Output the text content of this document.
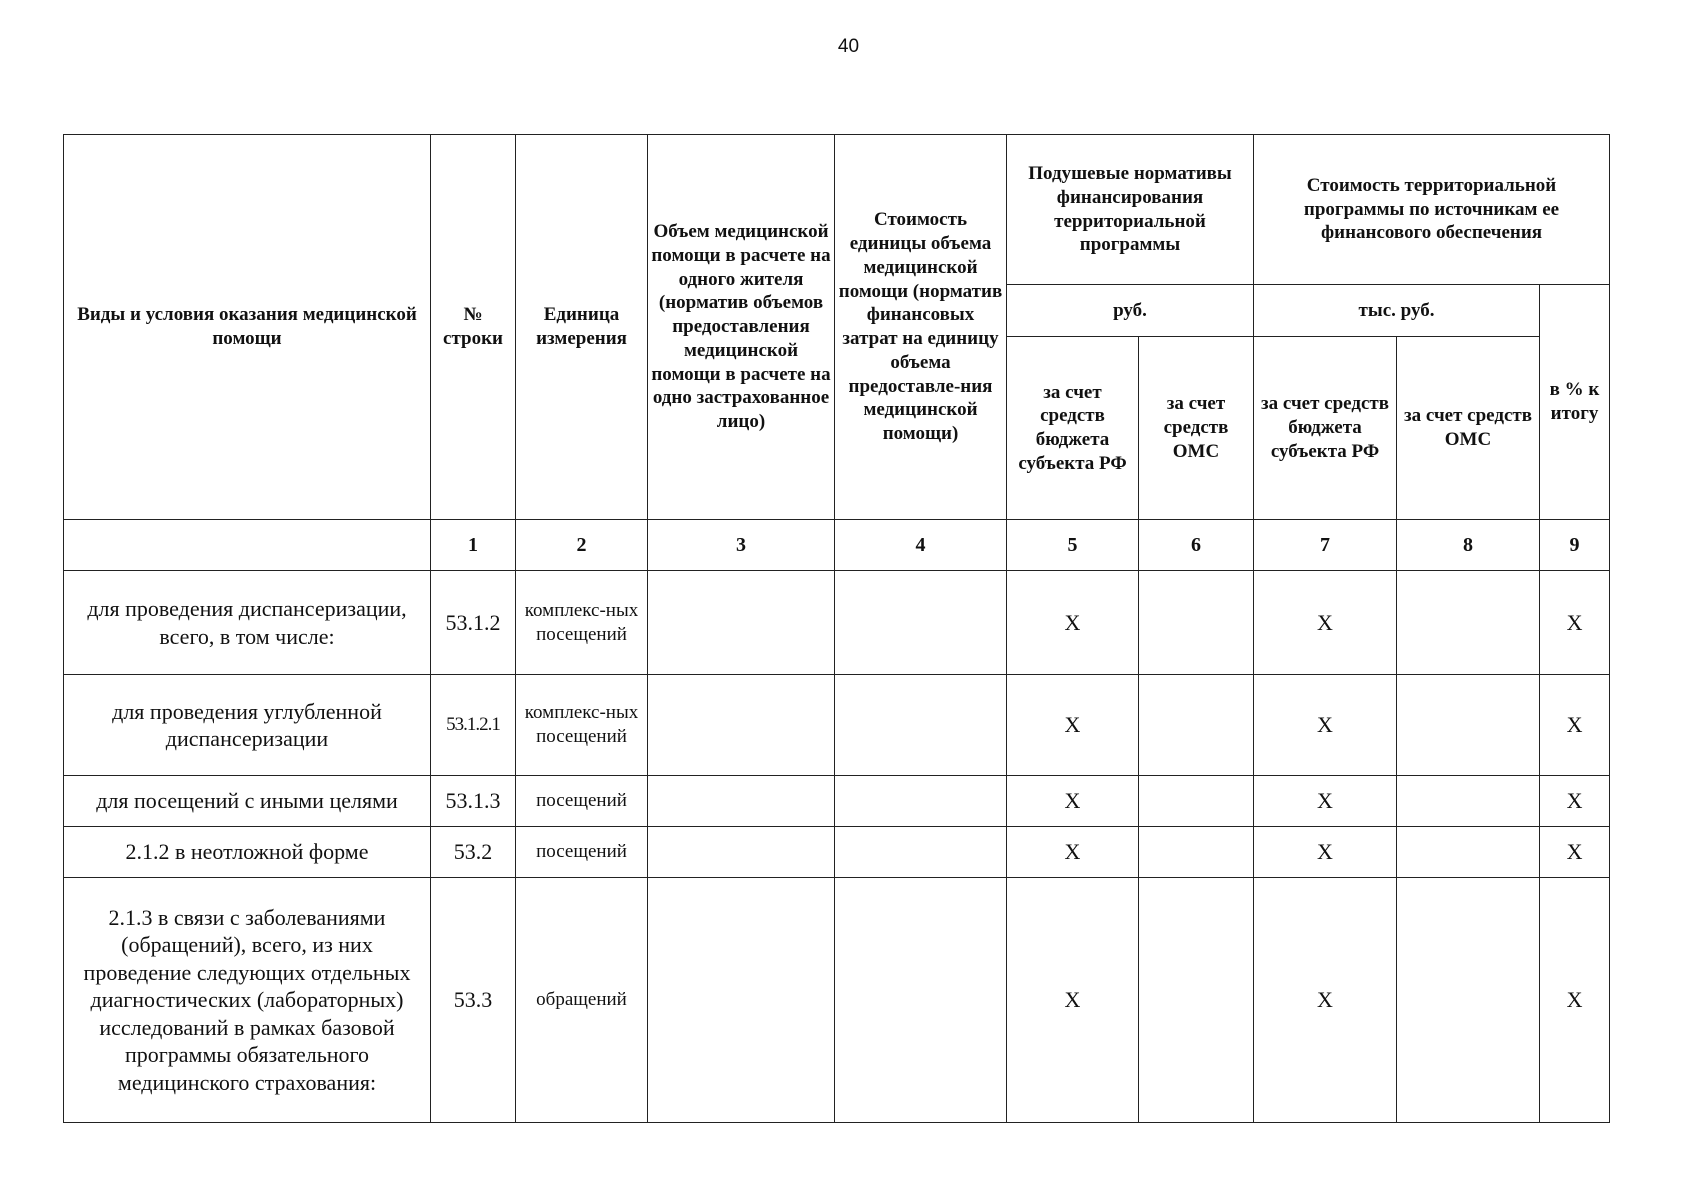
40
Виды и условия оказания медицинской помощи	№ строки	Единица измерения	Объем медицинской помощи в расчете на одного жителя (норматив объемов предоставления медицинской помощи в расчете на одно застрахованное лицо)	Стоимость единицы объема медицинской помощи (норматив финансовых затрат на единицу объема предоставле-ния медицинской помощи)	Подушевые нормативы финансирования территориальной программы		Стоимость территориальной программы по источникам ее финансового обеспечения		
					руб.		тыс. руб.		в % к итогу
					за счет средств бюджета субъекта РФ	за счет средств ОМС	за счет средств бюджета субъекта РФ	за счет средств ОМС	
	1	2	3	4	5	6	7	8	9
для проведения диспансеризации, всего, в том числе:	53.1.2	комплекс-ных посещений			X		X		X
для проведения углубленной диспансеризации	53.1.2.1	комплекс-ных посещений			X		X		X
для посещений с иными целями	53.1.3	посещений			X		X		X
2.1.2 в неотложной форме	53.2	посещений			X		X		X
2.1.3 в связи с заболеваниями (обращений), всего, из них проведение следующих отдельных диагностических (лабораторных) исследований в рамках базовой программы обязательного медицинского страхования:	53.3	обращений			X		X		X
